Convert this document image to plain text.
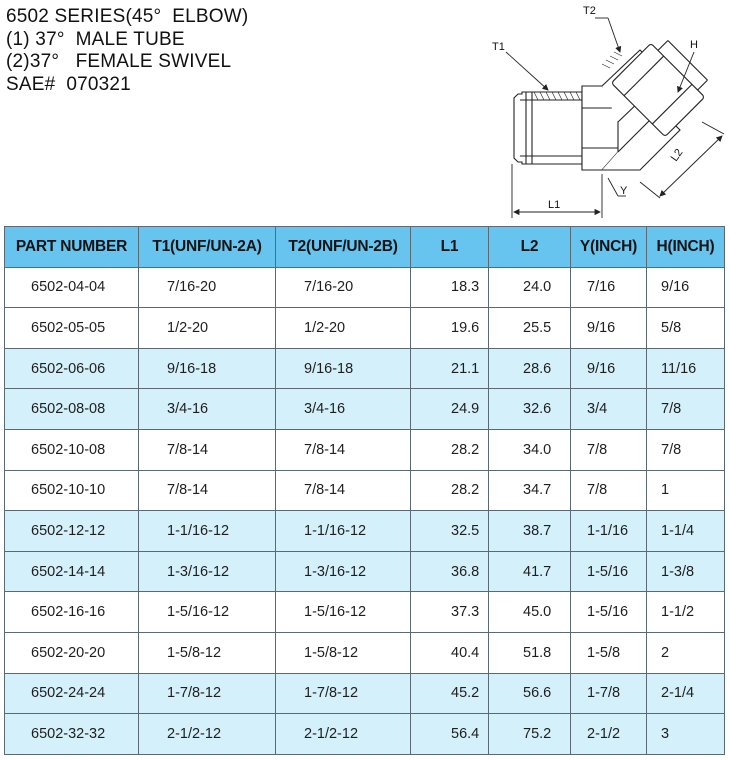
6502 SERIES(45°  ELBOW)
(1) 37°  MALE TUBE
(2)37°   FEMALE SWIVEL
SAE#  070321
T1
T2
H
L1
L2
Y
PART NUMBER	T1(UNF/UN-2A)	T2(UNF/UN-2B)	L1	L2	Y(INCH)	H(INCH)
6502-04-04	7/16-20	7/16-20	18.3	24.0	7/16	9/16
6502-05-05	1/2-20	1/2-20	19.6	25.5	9/16	5/8
6502-06-06	9/16-18	9/16-18	21.1	28.6	9/16	11/16
6502-08-08	3/4-16	3/4-16	24.9	32.6	3/4	7/8
6502-10-08	7/8-14	7/8-14	28.2	34.0	7/8	7/8
6502-10-10	7/8-14	7/8-14	28.2	34.7	7/8	1
6502-12-12	1-1/16-12	1-1/16-12	32.5	38.7	1-1/16	1-1/4
6502-14-14	1-3/16-12	1-3/16-12	36.8	41.7	1-5/16	1-3/8
6502-16-16	1-5/16-12	1-5/16-12	37.3	45.0	1-5/16	1-1/2
6502-20-20	1-5/8-12	1-5/8-12	40.4	51.8	1-5/8	2
6502-24-24	1-7/8-12	1-7/8-12	45.2	56.6	1-7/8	2-1/4
6502-32-32	2-1/2-12	2-1/2-12	56.4	75.2	2-1/2	3
